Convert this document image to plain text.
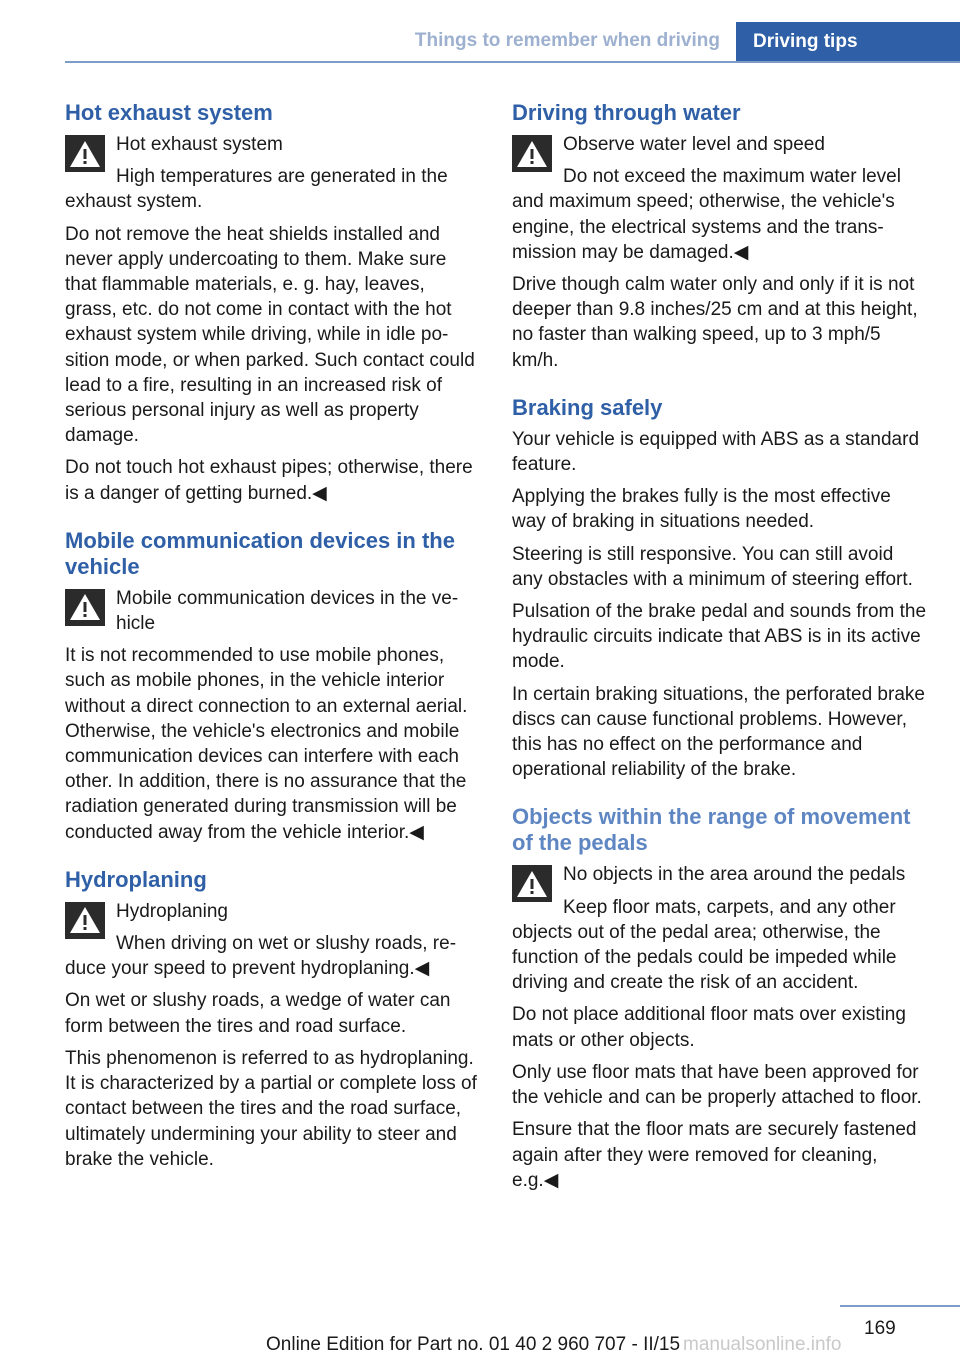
Things to remember when driving	Driving tips
Hot exhaust system

Hot exhaust system

High temperatures are generated in the exhaust system.

Do not remove the heat shields installed and never apply undercoating to them. Make sure that flammable materials, e. g. hay, leaves, grass, etc. do not come in contact with the hot exhaust system while driving, while in idle position mode, or when parked. Such contact could lead to a fire, resulting in an increased risk of serious personal injury as well as property damage.

Do not touch hot exhaust pipes; otherwise, there is a danger of getting burned.◀

Mobile communication devices in the vehicle

Mobile communication devices in the vehicle

It is not recommended to use mobile phones, such as mobile phones, in the vehicle interior without a direct connection to an external aerial. Otherwise, the vehicle's electronics and mobile communication devices can interfere with each other. In addition, there is no assurance that the radiation generated during transmission will be conducted away from the vehicle interior.◀

Hydroplaning

Hydroplaning

When driving on wet or slushy roads, reduce your speed to prevent hydroplaning.◀

On wet or slushy roads, a wedge of water can form between the tires and road surface.

This phenomenon is referred to as hydroplaning. It is characterized by a partial or complete loss of contact between the tires and the road surface, ultimately undermining your ability to steer and brake the vehicle.

Driving through water

Observe water level and speed

Do not exceed the maximum water level and maximum speed; otherwise, the vehicle's engine, the electrical systems and the transmission may be damaged.◀

Drive though calm water only and only if it is not deeper than 9.8 inches/25 cm and at this height, no faster than walking speed, up to 3 mph/5 km/h.

Braking safely

Your vehicle is equipped with ABS as a standard feature.

Applying the brakes fully is the most effective way of braking in situations needed.

Steering is still responsive. You can still avoid any obstacles with a minimum of steering effort.

Pulsation of the brake pedal and sounds from the hydraulic circuits indicate that ABS is in its active mode.

In certain braking situations, the perforated brake discs can cause functional problems. However, this has no effect on the performance and operational reliability of the brake.

Objects within the range of movement of the pedals

No objects in the area around the pedals

Keep floor mats, carpets, and any other objects out of the pedal area; otherwise, the function of the pedals could be impeded while driving and create the risk of an accident.

Do not place additional floor mats over existing mats or other objects.

Only use floor mats that have been approved for the vehicle and can be properly attached to floor.

Ensure that the floor mats are securely fastened again after they were removed for cleaning, e.g.◀

169
Online Edition for Part no. 01 40 2 960 707 - II/15 manualsonline.info
